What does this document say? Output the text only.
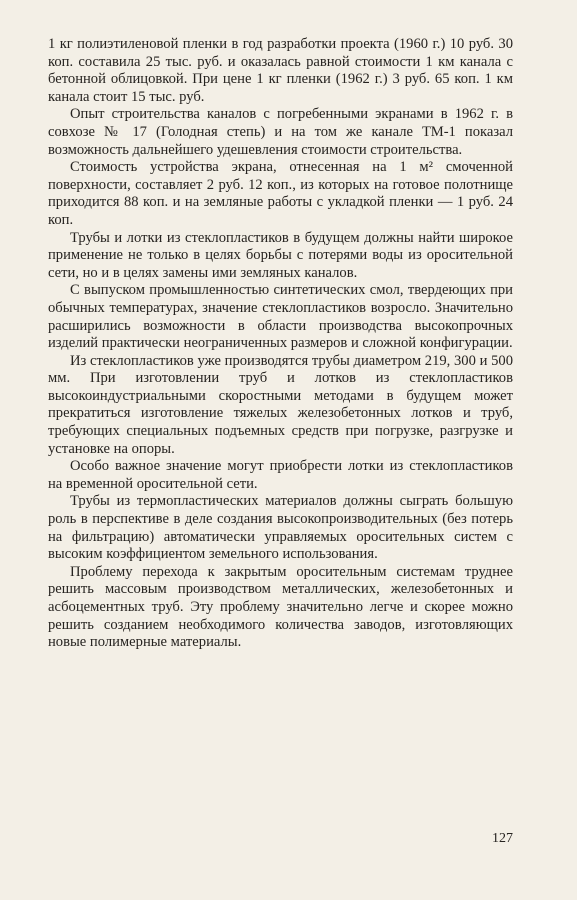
1 кг полиэтиленовой пленки в год разработки проекта (1960 г.) 10 руб. 30 коп. составила 25 тыс. руб. и оказалась равной стоимости 1 км канала с бетонной облицовкой. При цене 1 кг пленки (1962 г.) 3 руб. 65 коп. 1 км канала стоит 15 тыс. руб.

Опыт строительства каналов с погребенными экранами в 1962 г. в совхозе № 17 (Голодная степь) и на том же канале ТМ-1 показал возможность дальнейшего удешевления стоимости строительства.

Стоимость устройства экрана, отнесенная на 1 м² смоченной поверхности, составляет 2 руб. 12 коп., из которых на готовое полотнище приходится 88 коп. и на земляные работы с укладкой пленки — 1 руб. 24 коп.

Трубы и лотки из стеклопластиков в будущем должны найти широкое применение не только в целях борьбы с потерями воды из оросительной сети, но и в целях замены ими земляных каналов.

С выпуском промышленностью синтетических смол, твердеющих при обычных температурах, значение стеклопластиков возросло. Значительно расширились возможности в области производства высокопрочных изделий практически неограниченных размеров и сложной конфигурации.

Из стеклопластиков уже производятся трубы диаметром 219, 300 и 500 мм. При изготовлении труб и лотков из стеклопластиков высокоиндустриальными скоростными методами в будущем может прекратиться изготовление тяжелых железобетонных лотков и труб, требующих специальных подъемных средств при погрузке, разгрузке и установке на опоры.

Особо важное значение могут приобрести лотки из стеклопластиков на временной оросительной сети.

Трубы из термопластических материалов должны сыграть большую роль в перспективе в деле создания высокопроизводительных (без потерь на фильтрацию) автоматически управляемых оросительных систем с высоким коэффициентом земельного использования.

Проблему перехода к закрытым оросительным системам труднее решить массовым производством металлических, железобетонных и асбоцементных труб. Эту проблему значительно легче и скорее можно решить созданием необходимого количества заводов, изготовляющих новые полимерные материалы.

127
